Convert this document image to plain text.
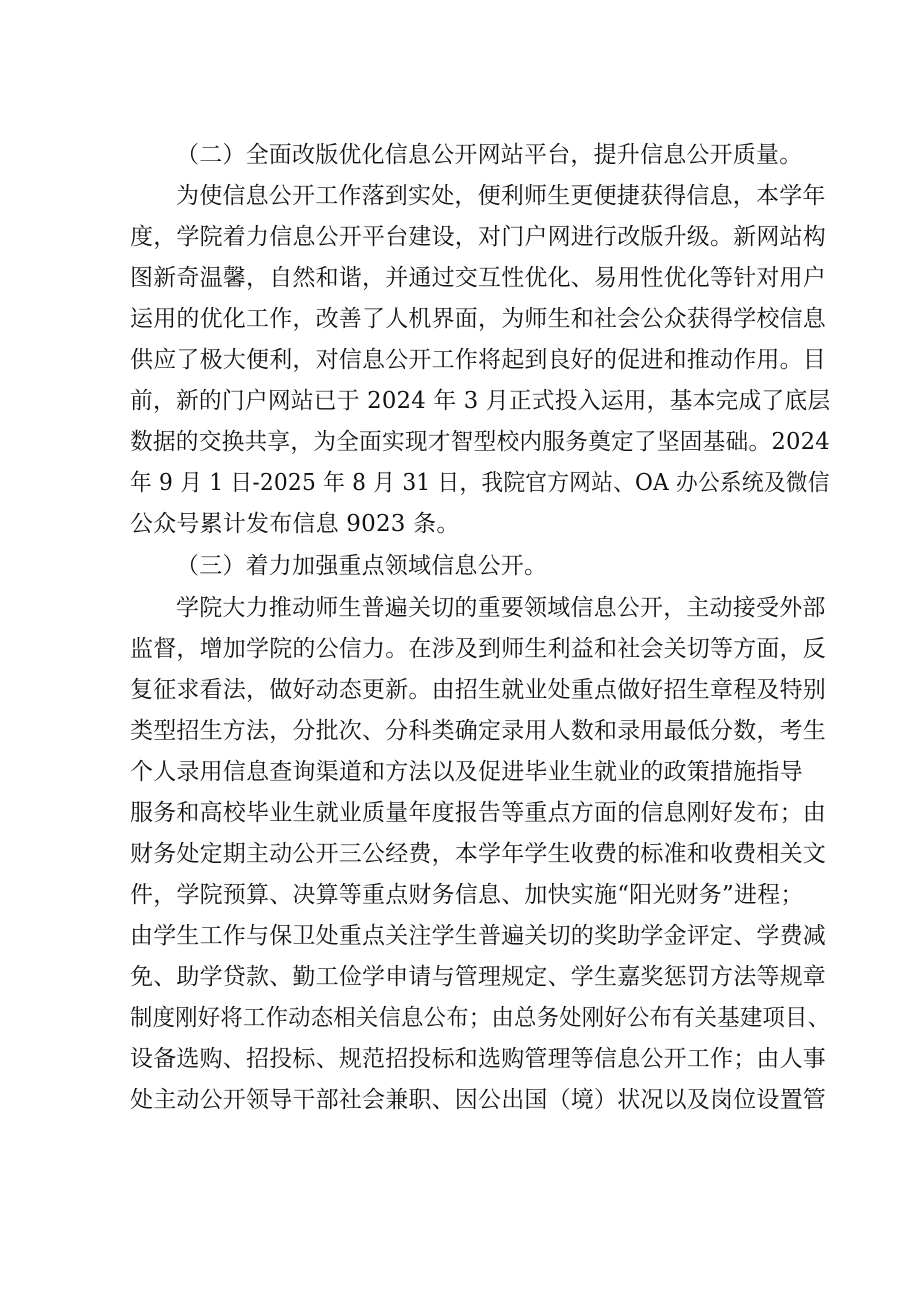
（二）全面改版优化信息公开网站平台，提升信息公开质量。
为使信息公开工作落到实处，便利师生更便捷获得信息，本学年
度，学院着力信息公开平台建设，对门户网进行改版升级。新网站构
图新奇温馨，自然和谐，并通过交互性优化、易用性优化等针对用户
运用的优化工作，改善了人机界面，为师生和社会公众获得学校信息
供应了极大便利，对信息公开工作将起到良好的促进和推动作用。目
前，新的门户网站已于 2024 年 3 月正式投入运用，基本完成了底层
数据的交换共享，为全面实现才智型校内服务奠定了坚固基础。2024
年 9 月 1 日-2025 年 8 月 31 日，我院官方网站、OA 办公系统及微信
公众号累计发布信息 9023 条。
（三）着力加强重点领域信息公开。
学院大力推动师生普遍关切的重要领域信息公开，主动接受外部
监督，增加学院的公信力。在涉及到师生利益和社会关切等方面，反
复征求看法，做好动态更新。由招生就业处重点做好招生章程及特别
类型招生方法，分批次、分科类确定录用人数和录用最低分数，考生
个人录用信息查询渠道和方法以及促进毕业生就业的政策措施指导
服务和高校毕业生就业质量年度报告等重点方面的信息刚好发布；由
财务处定期主动公开三公经费，本学年学生收费的标准和收费相关文
件，学院预算、决算等重点财务信息、加快实施“阳光财务”进程；
由学生工作与保卫处重点关注学生普遍关切的奖助学金评定、学费减
免、助学贷款、勤工俭学申请与管理规定、学生嘉奖惩罚方法等规章
制度刚好将工作动态相关信息公布；由总务处刚好公布有关基建项目、
设备选购、招投标、规范招投标和选购管理等信息公开工作；由人事
处主动公开领导干部社会兼职、因公出国（境）状况以及岗位设置管
